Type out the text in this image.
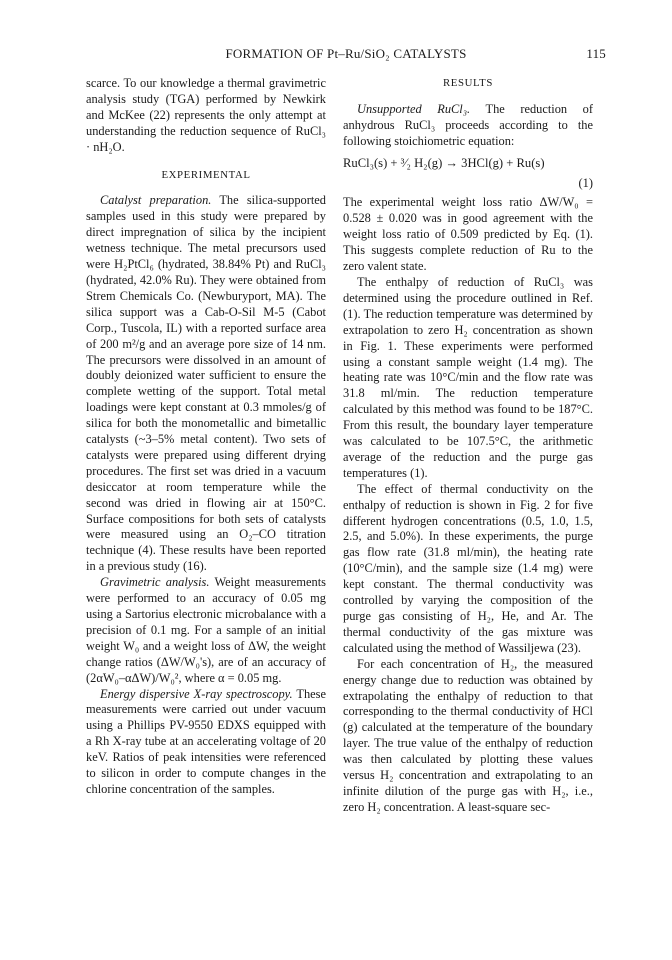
FORMATION OF Pt–Ru/SiO₂ CATALYSTS	115

scarce. To our knowledge a thermal gravimetric analysis study (TGA) performed by Newkirk and McKee (22) represents the only attempt at understanding the reduction sequence of RuCl₃ · nH₂O.

EXPERIMENTAL

Catalyst preparation. The silica-supported samples used in this study were prepared by direct impregnation of silica by the incipient wetness technique. The metal precursors used were H₂PtCl₆ (hydrated, 38.84% Pt) and RuCl₃ (hydrated, 42.0% Ru). They were obtained from Strem Chemicals Co. (Newburyport, MA). The silica support was a Cab-O-Sil M-5 (Cabot Corp., Tuscola, IL) with a reported surface area of 200 m²/g and an average pore size of 14 nm. The precursors were dissolved in an amount of doubly deionized water sufficient to ensure the complete wetting of the support. Total metal loadings were kept constant at 0.3 mmoles/g of silica for both the monometallic and bimetallic catalysts (~3–5% metal content). Two sets of catalysts were prepared using different drying procedures. The first set was dried in a vacuum desiccator at room temperature while the second was dried in flowing air at 150°C. Surface compositions for both sets of catalysts were measured using an O₂–CO titration technique (4). These results have been reported in a previous study (16).

Gravimetric analysis. Weight measurements were performed to an accuracy of 0.05 mg using a Sartorius electronic microbalance with a precision of 0.1 mg. For a sample of an initial weight W₀ and a weight loss of ΔW, the weight change ratios (ΔW/W₀'s), are of an accuracy of (2αW₀–αΔW)/W₀², where α = 0.05 mg.

Energy dispersive X-ray spectroscopy. These measurements were carried out under vacuum using a Phillips PV-9550 EDXS equipped with a Rh X-ray tube at an accelerating voltage of 20 keV. Ratios of peak intensities were referenced to silicon in order to compute changes in the chlorine concentration of the samples.

RESULTS

Unsupported RuCl₃. The reduction of anhydrous RuCl₃ proceeds according to the following stoichiometric equation:

RuCl₃(s) + ³⁄₂ H₂(g) → 3HCl(g) + Ru(s)
(1)

The experimental weight loss ratio ΔW/W₀ = 0.528 ± 0.020 was in good agreement with the weight loss ratio of 0.509 predicted by Eq. (1). This suggests complete reduction of Ru to the zero valent state.

The enthalpy of reduction of RuCl₃ was determined using the procedure outlined in Ref. (1). The reduction temperature was determined by extrapolation to zero H₂ concentration as shown in Fig. 1. These experiments were performed using a constant sample weight (1.4 mg). The heating rate was 10°C/min and the flow rate was 31.8 ml/min. The reduction temperature calculated by this method was found to be 187°C. From this result, the boundary layer temperature was calculated to be 107.5°C, the arithmetic average of the reduction and the purge gas temperatures (1).

The effect of thermal conductivity on the enthalpy of reduction is shown in Fig. 2 for five different hydrogen concentrations (0.5, 1.0, 1.5, 2.5, and 5.0%). In these experiments, the purge gas flow rate (31.8 ml/min), the heating rate (10°C/min), and the sample size (1.4 mg) were kept constant. The thermal conductivity was controlled by varying the composition of the purge gas consisting of H₂, He, and Ar. The thermal conductivity of the gas mixture was calculated using the method of Wassiljewa (23).

For each concentration of H₂, the measured energy change due to reduction was obtained by extrapolating the enthalpy of reduction to that corresponding to the thermal conductivity of HCl (g) calculated at the temperature of the boundary layer. The true value of the enthalpy of reduction was then calculated by plotting these values versus H₂ concentration and extrapolating to an infinite dilution of the purge gas with H₂, i.e., zero H₂ concentration. A least-square sec-
